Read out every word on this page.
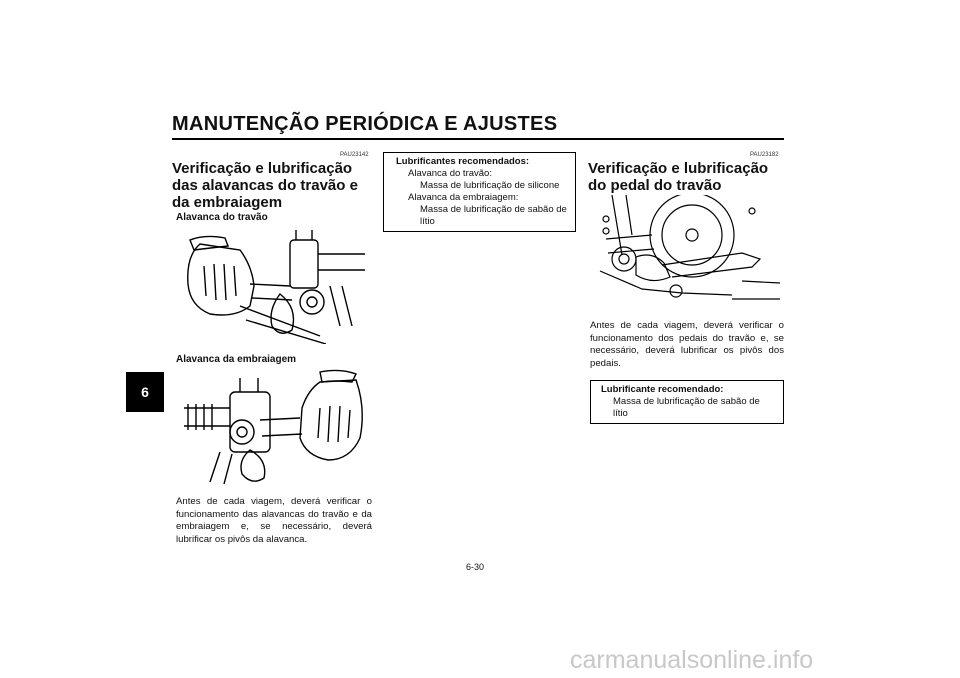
MANUTENÇÃO PERIÓDICA E AJUSTES
6
PAU23142
Verificação e lubrificação das alavancas do travão e da embraiagem
Alavanca do travão
Alavanca da embraiagem
Antes de cada viagem, deverá verificar o funcionamento das alavancas do travão e da embraiagem e, se necessário, deverá lubrificar os pivôs da alavanca.
Lubrificantes recomendados:
Alavanca do travão:
Massa de lubrificação de silicone
Alavanca da embraiagem:
Massa de lubrificação de sabão de lítio
PAU23182
Verificação e lubrificação do pedal do travão
Antes de cada viagem, deverá verificar o funcionamento dos pedais do travão e, se necessário, deverá lubrificar os pivôs dos pedais.
Lubrificante recomendado:
Massa de lubrificação de sabão de lítio
6-30
carmanualsonline.info
